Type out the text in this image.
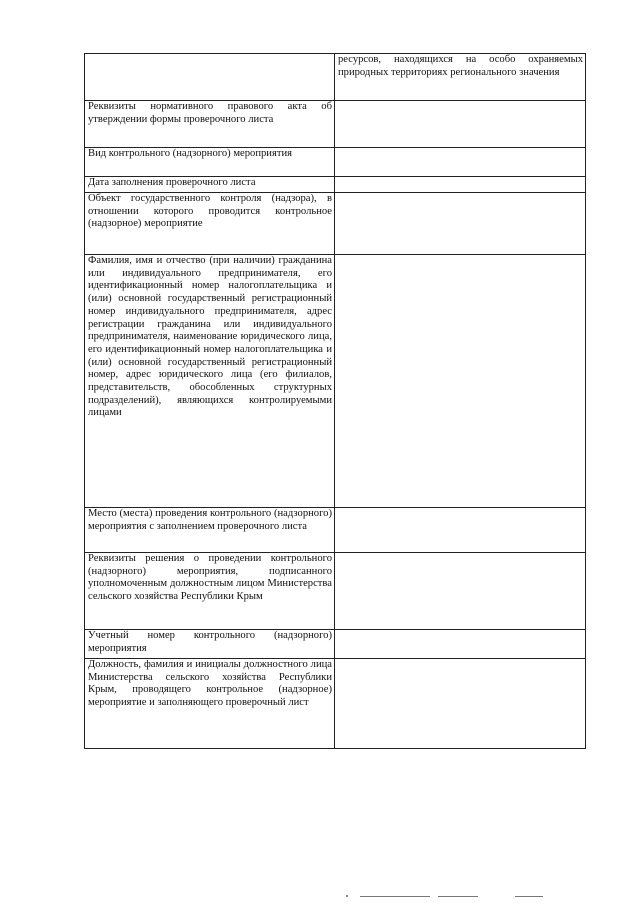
	ресурсов, находящихся на особо охраняемых природных территориях регионального значения
Реквизиты нормативного правового акта об утверждении формы проверочного листа	
Вид контрольного (надзорного) мероприятия	
Дата заполнения проверочного листа	
Объект государственного контроля (надзора), в отношении которого проводится контрольное (надзорное) мероприятие	
Фамилия, имя и отчество (при наличии) гражданина или индивидуального предпринимателя, его идентификационный номер налогоплательщика и (или) основной государственный регистрационный номер индивидуального предпринимателя, адрес регистрации гражданина или индивидуального предпринимателя, наименование юридического лица, его идентификационный номер налогоплательщика и (или) основной государственный регистрационный номер, адрес юридического лица (его филиалов, представительств, обособленных структурных подразделений), являющихся контролируемыми лицами	
Место (места) проведения контрольного (надзорного) мероприятия с заполнением проверочного листа	
Реквизиты решения о проведении контрольного (надзорного) мероприятия, подписанного уполномоченным должностным лицом Министерства сельского хозяйства Республики Крым	
Учетный номер контрольного (надзорного) мероприятия	
Должность, фамилия и инициалы должностного лица Министерства сельского хозяйства Республики Крым, проводящего контрольное (надзорное) мероприятие и заполняющего проверочный лист	
